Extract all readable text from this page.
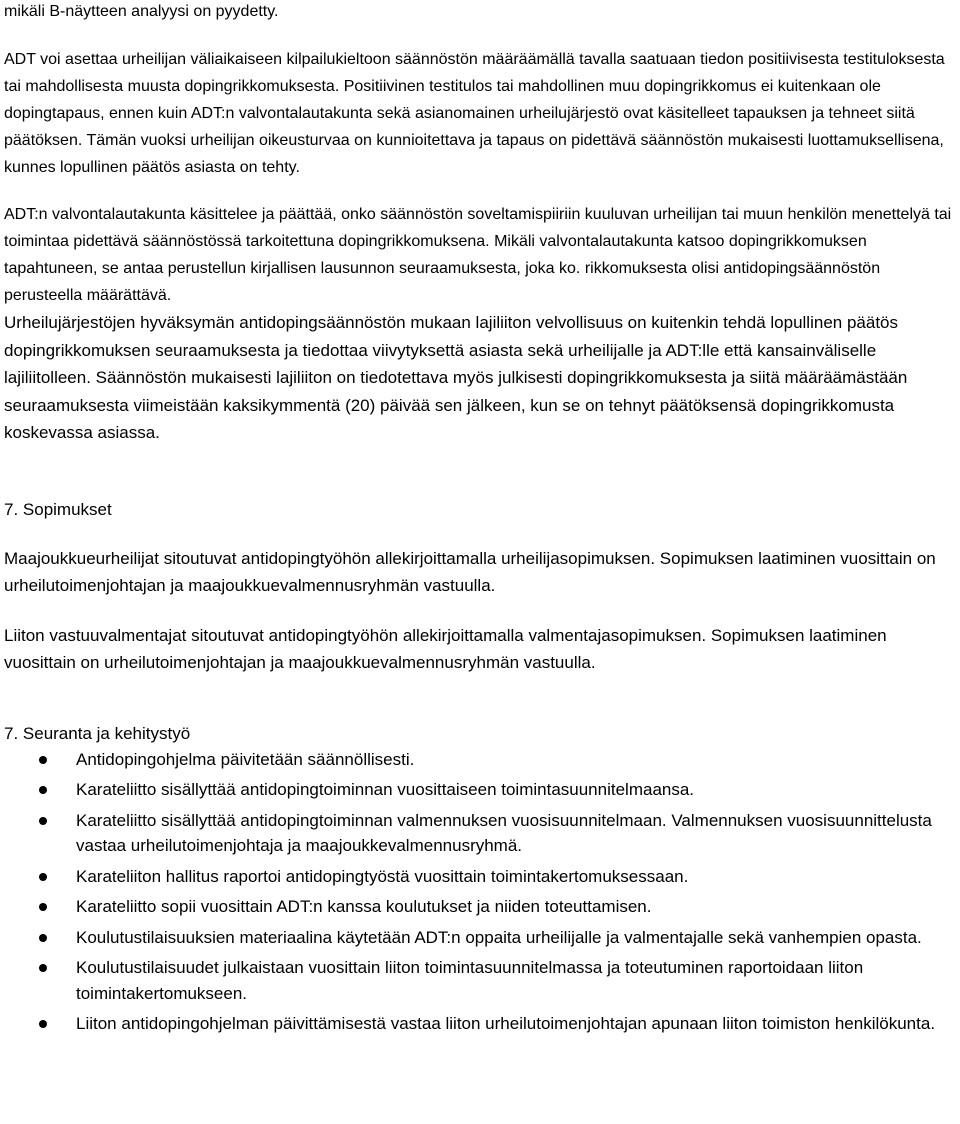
mikäli B-näytteen analyysi on pyydetty.

ADT voi asettaa urheilijan väliaikaiseen kilpailukieltoon säännöstön määräämällä tavalla saatuaan tiedon positiivisesta testituloksesta tai mahdollisesta muusta dopingrikkomuksesta. Positiivinen testitulos tai mahdollinen muu dopingrikkomus ei kuitenkaan ole dopingtapaus, ennen kuin ADT:n valvontalautakunta sekä asianomainen urheilujärjestö ovat käsitelleet tapauksen ja tehneet siitä päätöksen. Tämän vuoksi urheilijan oikeusturvaa on kunnioitettava ja tapaus on pidettävä säännöstön mukaisesti luottamuksellisena, kunnes lopullinen päätös asiasta on tehty.

ADT:n valvontalautakunta käsittelee ja päättää, onko säännöstön soveltamispiiriin kuuluvan urheilijan tai muun henkilön menettelyä tai toimintaa pidettävä säännöstössä tarkoitettuna dopingrikkomuksena. Mikäli valvontalautakunta katsoo dopingrikkomuksen tapahtuneen, se antaa perustellun kirjallisen lausunnon seuraamuksesta, joka ko. rikkomuksesta olisi antidopingsäännöstön perusteella määrättävä.

Urheilujärjestöjen hyväksymän antidopingsäännöstön mukaan lajiliiton velvollisuus on kuitenkin tehdä lopullinen päätös dopingrikkomuksen seuraamuksesta ja tiedottaa viivytyksettä asiasta sekä urheilijalle ja ADT:lle että kansainväliselle lajiliitolleen. Säännöstön mukaisesti lajiliiton on tiedotettava myös julkisesti dopingrikkomuksesta ja siitä määräämästään seuraamuksesta viimeistään kaksikymmentä (20) päivää sen jälkeen, kun se on tehnyt päätöksensä dopingrikkomusta koskevassa asiassa.

7. Sopimukset

Maajoukkueurheilijat sitoutuvat antidopingtyöhön allekirjoittamalla urheilijasopimuksen. Sopimuksen laatiminen vuosittain on urheilutoimenjohtajan ja maajoukkuevalmennusryhmän vastuulla.

Liiton vastuuvalmentajat sitoutuvat antidopingtyöhön allekirjoittamalla valmentajasopimuksen. Sopimuksen laatiminen vuosittain on urheilutoimenjohtajan ja maajoukkuevalmennusryhmän vastuulla.

7. Seuranta ja kehitystyö

Antidopingohjelma päivitetään säännöllisesti.
Karateliitto sisällyttää antidopingtoiminnan vuosittaiseen toimintasuunnitelmaansa.
Karateliitto sisällyttää antidopingtoiminnan valmennuksen vuosisuunnitelmaan. Valmennuksen vuosisuunnittelusta vastaa urheilutoimenjohtaja ja maajoukkevalmennusryhmä.
Karateliiton hallitus raportoi antidopingtyöstä vuosittain toimintakertomuksessaan.
Karateliitto sopii vuosittain ADT:n kanssa koulutukset ja niiden toteuttamisen.
Koulutustilaisuuksien materiaalina käytetään ADT:n oppaita urheilijalle ja valmentajalle sekä vanhempien opasta.
Koulutustilaisuudet julkaistaan vuosittain liiton toimintasuunnitelmassa ja toteutuminen raportoidaan liiton toimintakertomukseen.
Liiton antidopingohjelman päivittämisestä vastaa liiton urheilutoimenjohtajan apunaan liiton toimiston henkilökunta.
